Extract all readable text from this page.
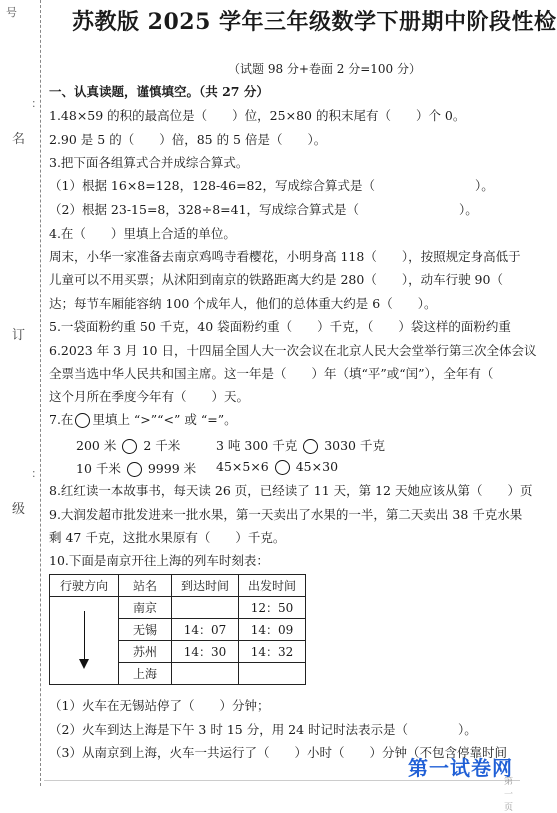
号
名
订
级
：
：
苏教版 2025 学年三年级数学下册期中阶段性检
（试题 98 分+卷面 2 分=100 分）
一、认真读题，谨慎填空。（共 27 分）
1.48×59 的积的最高位是（　　）位，25×80 的积末尾有（　　）个 0。
2.90 是 5 的（　　）倍，85 的 5 倍是（　　）。
3.把下面各组算式合并成综合算式。
（1）根据 16×8=128，128-46=82，写成综合算式是（　　　　　　　　）。
（2）根据 23-15=8，328÷8=41，写成综合算式是（　　　　　　　　）。
4.在（　　）里填上合适的单位。
周末，小华一家准备去南京鸡鸣寺看樱花，小明身高 118（　　），按照规定身高低于
儿童可以不用买票；从沭阳到南京的铁路距离大约是 280（　　），动车行驶 90（　
达；每节车厢能容纳 100 个成年人，他们的总体重大约是 6（　　）。
5.一袋面粉约重 50 千克，40 袋面粉约重（　　）千克，（　　）袋这样的面粉约重
6.2023 年 3 月 10 日，十四届全国人大一次会议在北京人民大会堂举行第三次全体会议
全票当选中华人民共和国主席。这一年是（　　）年（填“平”或“闰”），全年有（
这个月所在季度今年有（　　）天。
7.在 里填上 “>”“<” 或 “=”。
200 米 2 千米	3 吨 300 千克 3030 千克
10 千米 9999 米 45×5×6 45×30
8.红红读一本故事书，每天读 26 页，已经读了 11 天，第 12 天她应该从第（　　）页
9.大润发超市批发进来一批水果，第一天卖出了水果的一半，第二天卖出 38 千克水果
剩 47 千克，这批水果原有（　　）千克。
10.下面是南京开往上海的列车时刻表：
行驶方向	站名	到达时间	出发时间

	南京		12：50
	无锡	14：07	14：09
	苏州	14：30	14：32
	上海		
（1）火车在无锡站停了（　　）分钟；
（2）火车到达上海是下午 3 时 15 分，用 24 时记时法表示是（　　　　）。
（3）从南京到上海，火车一共运行了（　　）小时（　　）分钟（不包含停靠时间
第一试卷网
第一页
